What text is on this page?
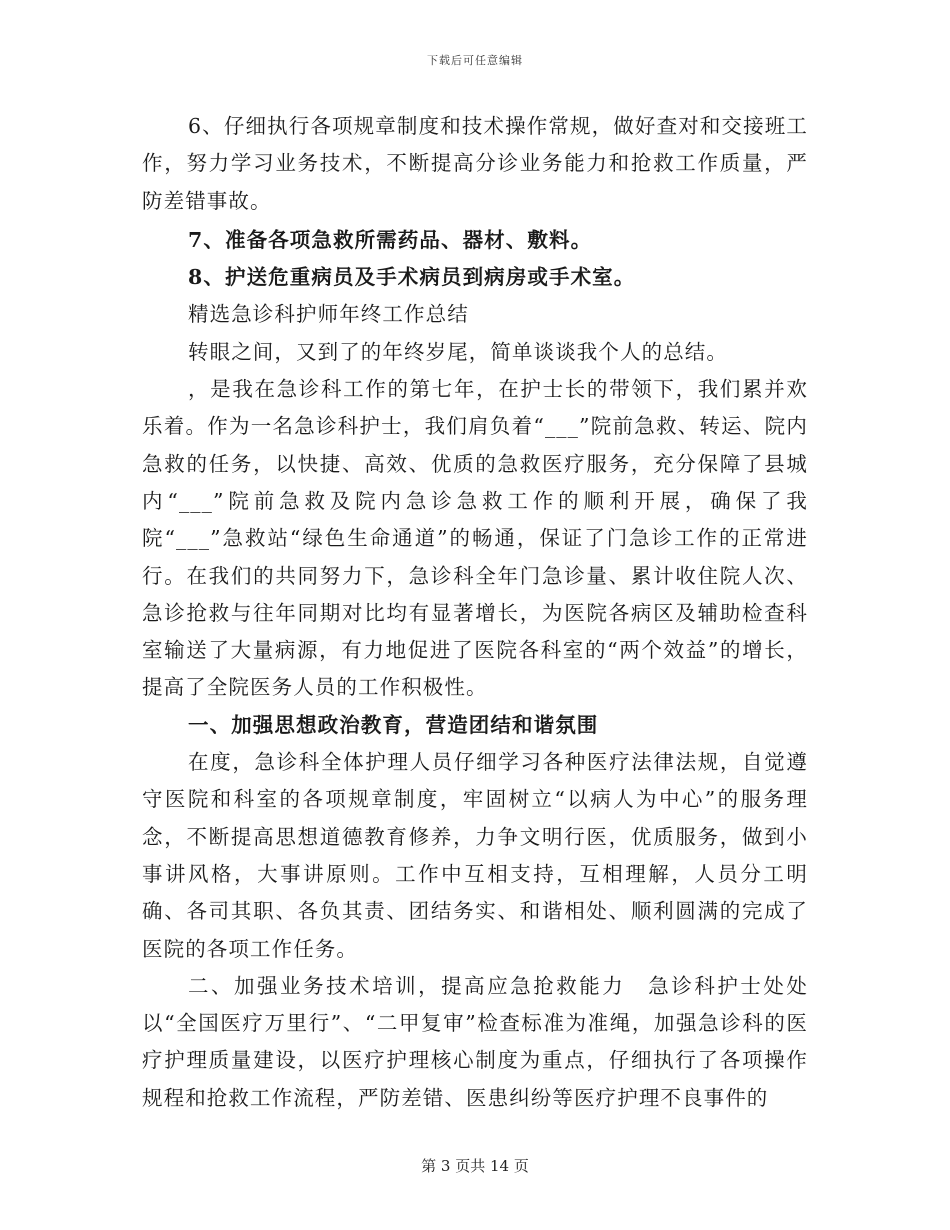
下载后可任意编辑

6、仔细执行各项规章制度和技术操作常规，做好查对和交接班工作，努力学习业务技术，不断提高分诊业务能力和抢救工作质量，严防差错事故。

7、准备各项急救所需药品、器材、敷料。

8、护送危重病员及手术病员到病房或手术室。

精选急诊科护师年终工作总结

转眼之间，又到了的年终岁尾，简单谈谈我个人的总结。

，是我在急诊科工作的第七年，在护士长的带领下，我们累并欢乐着。作为一名急诊科护士，我们肩负着“___”院前急救、转运、院内急救的任务，以快捷、高效、优质的急救医疗服务，充分保障了县城内“___”院前急救及院内急诊急救工作的顺利开展，确保了我院“___”急救站“绿色生命通道”的畅通，保证了门急诊工作的正常进行。在我们的共同努力下，急诊科全年门急诊量、累计收住院人次、急诊抢救与往年同期对比均有显著增长，为医院各病区及辅助检查科室输送了大量病源，有力地促进了医院各科室的“两个效益”的增长，提高了全院医务人员的工作积极性。

一、加强思想政治教育，营造团结和谐氛围

在度，急诊科全体护理人员仔细学习各种医疗法律法规，自觉遵守医院和科室的各项规章制度，牢固树立“以病人为中心”的服务理念，不断提高思想道德教育修养，力争文明行医，优质服务，做到小事讲风格，大事讲原则。工作中互相支持，互相理解，人员分工明确、各司其职、各负其责、团结务实、和谐相处、顺利圆满的完成了医院的各项工作任务。

二、加强业务技术培训，提高应急抢救能力　急诊科护士处处以“全国医疗万里行”、“二甲复审”检查标准为准绳，加强急诊科的医疗护理质量建设，以医疗护理核心制度为重点，仔细执行了各项操作规程和抢救工作流程，严防差错、医患纠纷等医疗护理不良事件的

第 3 页共 14 页
